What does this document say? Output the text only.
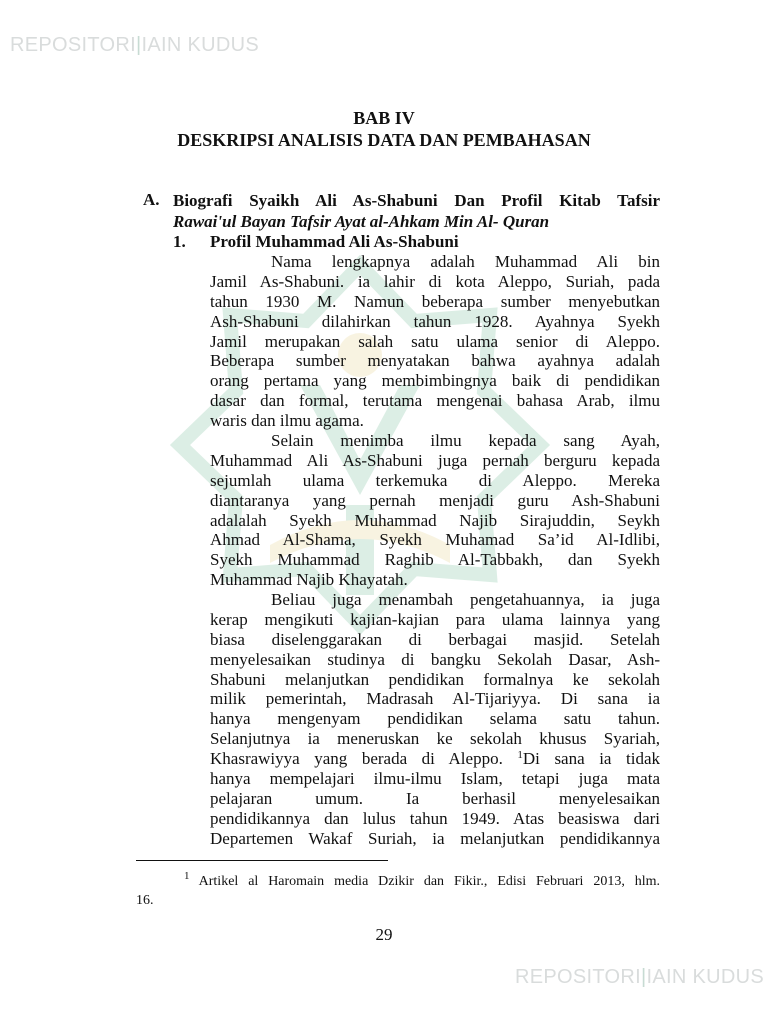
REPOSITORI|IAIN KUDUS
REPOSITORI|IAIN KUDUS
BAB IV
DESKRIPSI ANALISIS DATA DAN PEMBAHASAN
A. Biografi Syaikh Ali As-Shabuni Dan Profil Kitab Tafsir
Rawai'ul Bayan Tafsir Ayat al-Ahkam Min Al- Quran
1. Profil Muhammad Ali As-Shabuni
Nama lengkapnya adalah Muhammad Ali bin
Jamil As-Shabuni. ia lahir di kota Aleppo, Suriah, pada
tahun 1930 M. Namun beberapa sumber menyebutkan
Ash-Shabuni dilahirkan tahun 1928. Ayahnya Syekh
Jamil merupakan salah satu ulama senior di Aleppo.
Beberapa sumber menyatakan bahwa ayahnya adalah
orang pertama yang membimbingnya baik di pendidikan
dasar dan formal, terutama mengenai bahasa Arab, ilmu
waris dan ilmu agama.
Selain menimba ilmu kepada sang Ayah,
Muhammad Ali As-Shabuni juga pernah berguru kepada
sejumlah ulama terkemuka di Aleppo. Mereka
diantaranya yang pernah menjadi guru Ash-Shabuni
adalalah Syekh Muhammad Najib Sirajuddin, Seykh
Ahmad Al-Shama, Syekh Muhamad Sa’id Al-Idlibi,
Syekh Muhammad Raghib Al-Tabbakh, dan Syekh
Muhammad Najib Khayatah.
Beliau juga menambah pengetahuannya, ia juga
kerap mengikuti kajian-kajian para ulama lainnya yang
biasa diselenggarakan di berbagai masjid. Setelah
menyelesaikan studinya di bangku Sekolah Dasar, Ash-
Shabuni melanjutkan pendidikan formalnya ke sekolah
milik pemerintah, Madrasah Al-Tijariyya. Di sana ia
hanya mengenyam pendidikan selama satu tahun.
Selanjutnya ia meneruskan ke sekolah khusus Syariah,
Khasrawiyya yang berada di Aleppo. $^1$Di sana ia tidak
hanya mempelajari ilmu-ilmu Islam, tetapi juga mata
pelajaran umum. Ia berhasil menyelesaikan
pendidikannya dan lulus tahun 1949. Atas beasiswa dari
Departemen Wakaf Suriah, ia melanjutkan pendidikannya
$^1$ Artikel al Haromain media Dzikir dan Fikir., Edisi Februari 2013, hlm.
16.
29
